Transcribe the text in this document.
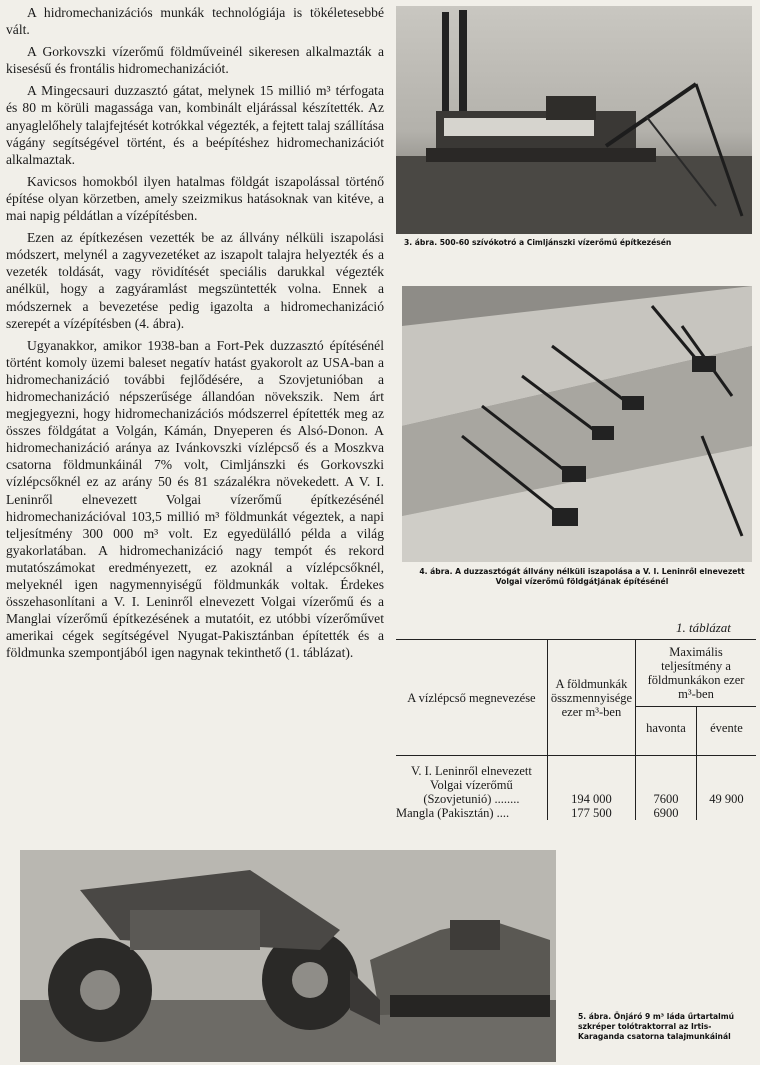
A hidromechanizációs munkák technológiája is tökéletesebbé vált.

A Gorkovszki vízerőmű földműveinél sikeresen alkalmazták a kisesésű és frontális hidromechanizációt.

A Mingecsauri duzzasztó gátat, melynek 15 millió m³ térfogata és 80 m körüli magassága van, kombinált eljárással készítették. Az anyaglelőhely talajfejtését kotrókkal végezték, a fejtett talaj szállítása vágány segítségével történt, és a beépítéshez hidromechanizációt alkalmaztak.

Kavicsos homokból ilyen hatalmas földgát iszapolással történő építése olyan körzetben, amely szeizmikus hatásoknak van kitéve, a mai napig példátlan a vízépítésben.

Ezen az építkezésen vezették be az állvány nélküli iszapolási módszert, melynél a zagyvezetéket az iszapolt talajra helyezték és a vezeték toldását, vagy rövidítését speciális darukkal végezték anélkül, hogy a zagyáramlást megszüntették volna. Ennek a módszernek a bevezetése pedig igazolta a hidromechanizáció szerepét a vízépítésben (4. ábra).

Ugyanakkor, amikor 1938-ban a Fort-Pek duzzasztó építésénél történt komoly üzemi baleset negatív hatást gyakorolt az USA-ban a hidromechanizáció további fejlődésére, a Szovjetunióban a hidromechanizáció népszerűsége állandóan növekszik. Nem árt megjegyezni, hogy hidromechanizációs módszerrel építették meg az összes földgátat a Volgán, Kámán, Dnyeperen és Alsó-Donon. A hidromechanizáció aránya az Ivánkovszki vízlépcső és a Moszkva csatorna földmunkáinál 7% volt, Cimljánszki és Gorkovszki vízlépcsőknél ez az arány 50 és 81 százalékra növekedett. A V. I. Leninről elnevezett Volgai vízerőmű építkezésénél hidromechanizációval 103,5 millió m³ földmunkát végeztek, a napi teljesítmény 300 000 m³ volt. Ez egyedülálló példa a világ gyakorlatában. A hidromechanizáció nagy tempót és rekord mutatószámokat eredményezett, ez azoknál a vízlépcsőknél, melyeknél igen nagymennyiségű földmunkák voltak. Érdekes összehasonlítani a V. I. Leninről elnevezett Volgai vízerőmű és a Manglai vízerőmű építkezésének a mutatóit, ez utóbbi vízerőművet amerikai cégek segítségével Nyugat-Pakisztánban építették és a földmunka szempontjából igen nagynak tekinthető (1. táblázat).

3. ábra. 500-60 szívókotró a Cimljánszki vízerőmű építkezésén
4. ábra. A duzzasztógát állvány nélküli iszapolása a V. I. Leninről elnevezett Volgai vízerőmű földgátjának építésénél
1. táblázat
A vízlépcső megnevezése	A földmunkák összmennyisége ezer m³-ben	Maximális teljesítmény a földmunkákon ezer m³-ben	
		havonta	évente
V. I. Leninről elnevezett Volgai vízerőmű (Szovjetunió) ........	194 000	7600	49 900
Mangla (Pakisztán) ....	177 500	6900	
5. ábra. Önjáró 9 m³ láda űrtartalmú szkréper tolótraktorral az Irtis-Karaganda csatorna talajmunkáinál
